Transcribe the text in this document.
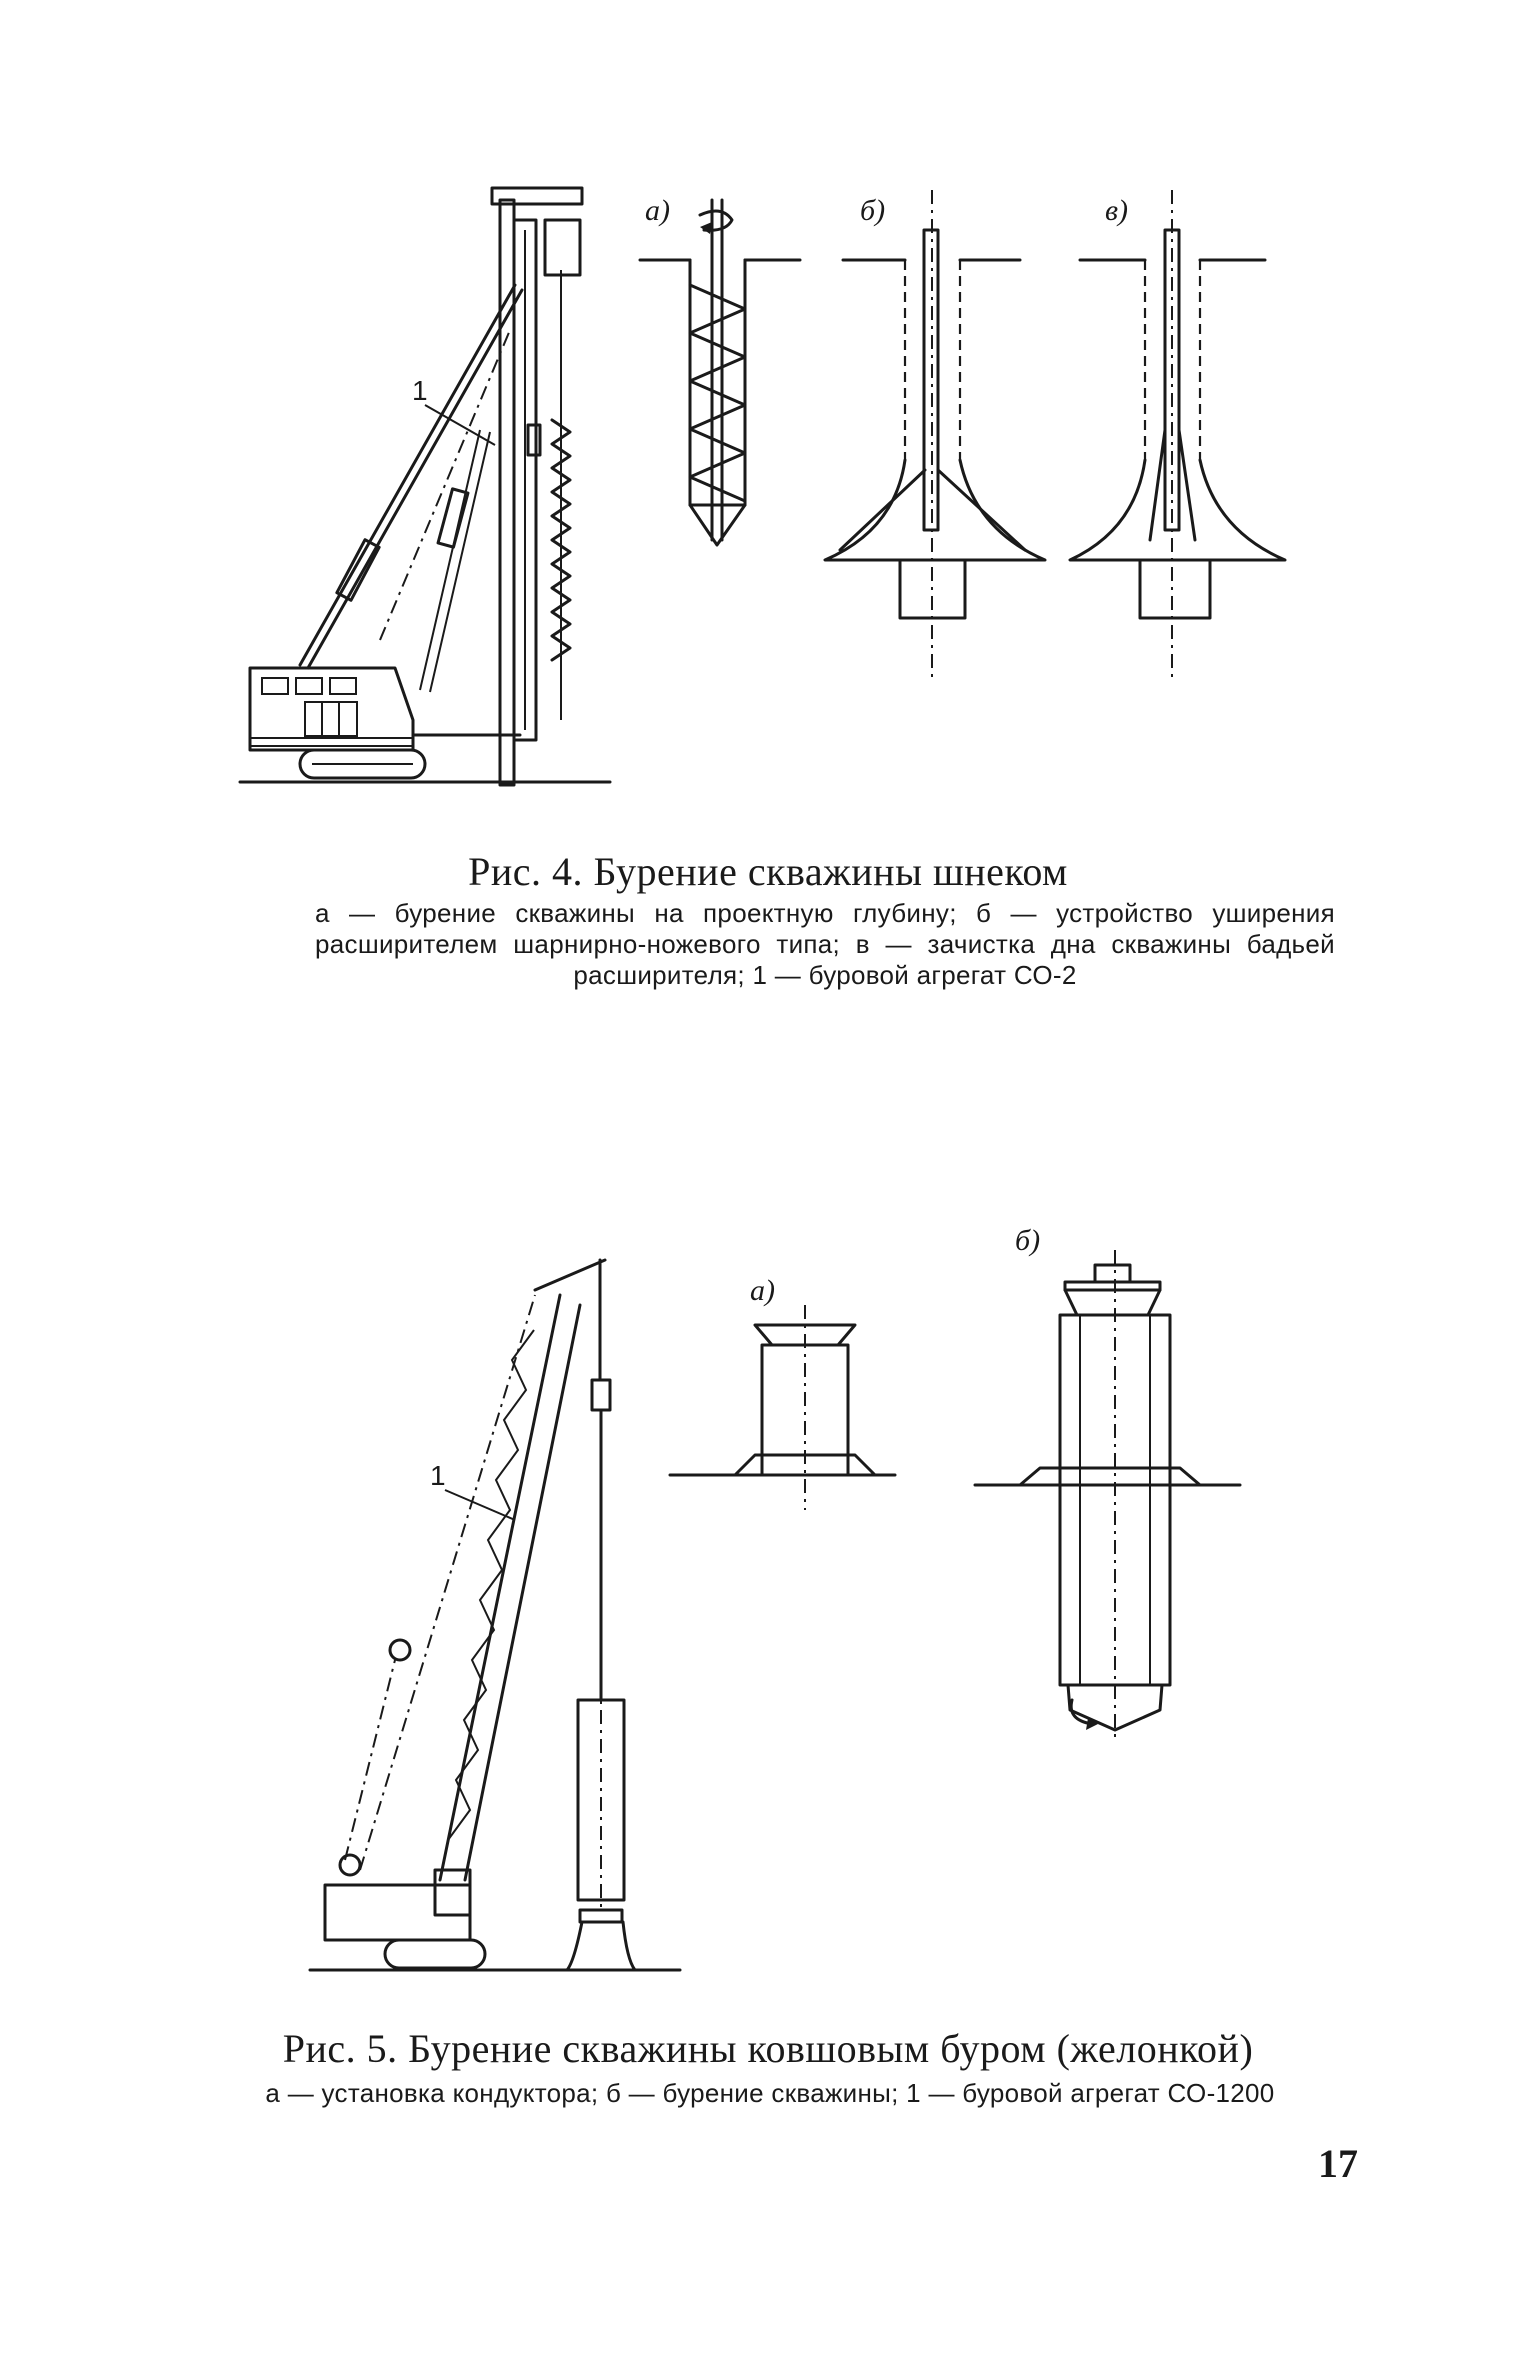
1
а)	б)	в)
Рис. 4. Бурение скважины шнеком

а — бурение скважины на проектную глубину; б — устройство уширения расширителем шарнирно-ножевого типа; в — зачистка дна скважины бадьей расширителя; 1 — буровой агрегат СО-2

1
а)
б)
Рис. 5. Бурение скважины ковшовым буром (желонкой)

а — установка кондуктора; б — бурение скважины; 1 — буровой агрегат СО-1200

17
